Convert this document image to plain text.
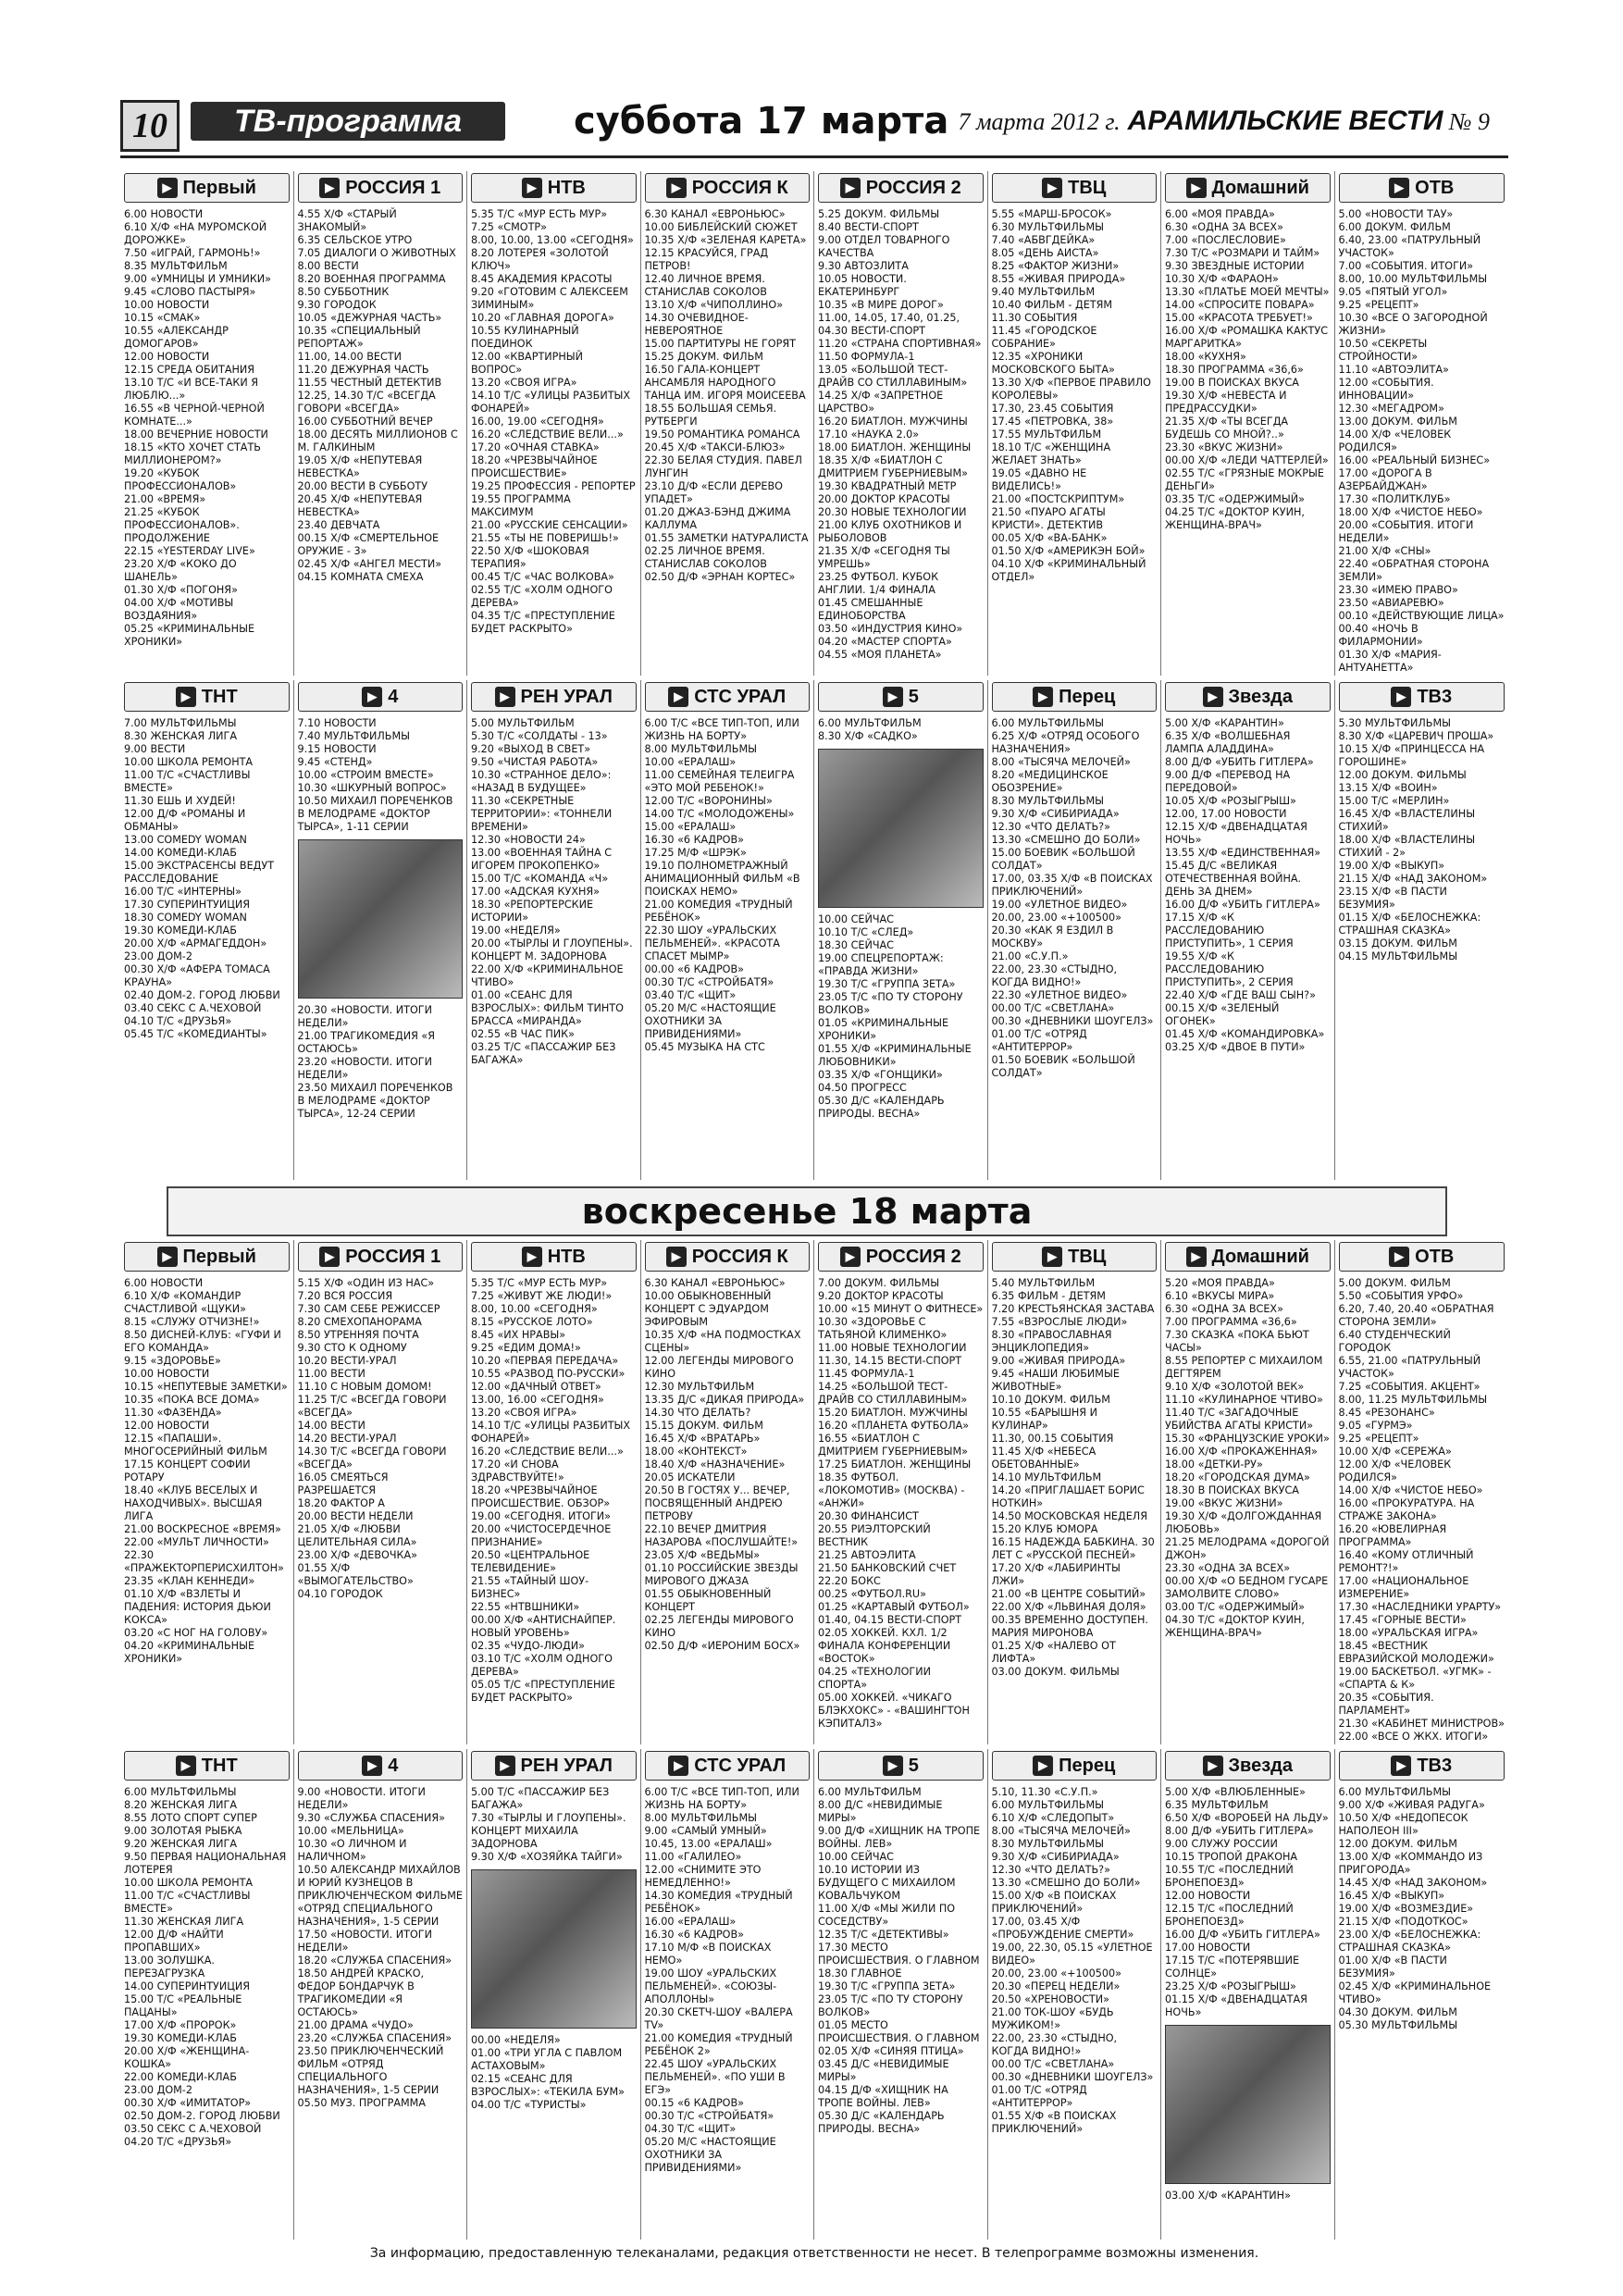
10	ТВ-программа	суббота 17 марта 7 марта 2012 г. АРАМИЛЬСКИЕ ВЕСТИ № 9
▶ Первый
6.00 НОВОСТИ
6.10 Х/Ф «НА МУРОМСКОЙ ДОРОЖКЕ»
7.50 «ИГРАЙ, ГАРМОНЬ!»
8.35 МУЛЬТФИЛЬМ
9.00 «УМНИЦЫ И УМНИКИ»
9.45 «СЛОВО ПАСТЫРЯ»
10.00 НОВОСТИ
10.15 «СМАК»
10.55 «АЛЕКСАНДР ДОМОГАРОВ»
12.00 НОВОСТИ
12.15 СРЕДА ОБИТАНИЯ
13.10 Т/С «И ВСЕ-ТАКИ Я ЛЮБЛЮ...»
16.55 «В ЧЕРНОЙ-ЧЕРНОЙ КОМНАТЕ...»
18.00 ВЕЧЕРНИЕ НОВОСТИ
18.15 «КТО ХОЧЕТ СТАТЬ МИЛЛИОНЕРОМ?»
19.20 «КУБОК ПРОФЕССИОНАЛОВ»
21.00 «ВРЕМЯ»
21.25 «КУБОК ПРОФЕССИОНАЛОВ». ПРОДОЛЖЕНИЕ
22.15 «YESTERDAY LIVE»
23.20 Х/Ф «КОКО ДО ШАНЕЛЬ»
01.30 Х/Ф «ПОГОНЯ»
04.00 Х/Ф «МОТИВЫ ВОЗДАЯНИЯ»
05.25 «КРИМИНАЛЬНЫЕ ХРОНИКИ»
▶ РОССИЯ 1
4.55 Х/Ф «СТАРЫЙ ЗНАКОМЫЙ»
6.35 СЕЛЬСКОЕ УТРО
7.05 ДИАЛОГИ О ЖИВОТНЫХ
8.00 ВЕСТИ
8.20 ВОЕННАЯ ПРОГРАММА
8.50 СУББОТНИК
9.30 ГОРОДОК
10.05 «ДЕЖУРНАЯ ЧАСТЬ»
10.35 «СПЕЦИАЛЬНЫЙ РЕПОРТАЖ»
11.00, 14.00 ВЕСТИ
11.20 ДЕЖУРНАЯ ЧАСТЬ
11.55 ЧЕСТНЫЙ ДЕТЕКТИВ
12.25, 14.30 Т/С «ВСЕГДА ГОВОРИ «ВСЕГДА»
16.00 СУББОТНИЙ ВЕЧЕР
18.00 ДЕСЯТЬ МИЛЛИОНОВ С М. ГАЛКИНЫМ
19.05 Х/Ф «НЕПУТЕВАЯ НЕВЕСТКА»
20.00 ВЕСТИ В СУББОТУ
20.45 Х/Ф «НЕПУТЕВАЯ НЕВЕСТКА»
23.40 ДЕВЧАТА
00.15 Х/Ф «СМЕРТЕЛЬНОЕ ОРУЖИЕ - 3»
02.45 Х/Ф «АНГЕЛ МЕСТИ»
04.15 КОМНАТА СМЕХА
▶ НТВ
5.35 Т/С «МУР ЕСТЬ МУР»
7.25 «СМОТР»
8.00, 10.00, 13.00 «СЕГОДНЯ»
8.20 ЛОТЕРЕЯ «ЗОЛОТОЙ КЛЮЧ»
8.45 АКАДЕМИЯ КРАСОТЫ
9.20 «ГОТОВИМ С АЛЕКСЕЕМ ЗИМИНЫМ»
10.20 «ГЛАВНАЯ ДОРОГА»
10.55 КУЛИНАРНЫЙ ПОЕДИНОК
12.00 «КВАРТИРНЫЙ ВОПРОС»
13.20 «СВОЯ ИГРА»
14.10 Т/С «УЛИЦЫ РАЗБИТЫХ ФОНАРЕЙ»
16.00, 19.00 «СЕГОДНЯ»
16.20 «СЛЕДСТВИЕ ВЕЛИ...»
17.20 «ОЧНАЯ СТАВКА»
18.20 «ЧРЕЗВЫЧАЙНОЕ ПРОИСШЕСТВИЕ»
19.25 ПРОФЕССИЯ - РЕПОРТЕР
19.55 ПРОГРАММА МАКСИМУМ
21.00 «РУССКИЕ СЕНСАЦИИ»
21.55 «ТЫ НЕ ПОВЕРИШЬ!»
22.50 Х/Ф «ШОКОВАЯ ТЕРАПИЯ»
00.45 Т/С «ЧАС ВОЛКОВА»
02.55 Т/С «ХОЛМ ОДНОГО ДЕРЕВА»
04.35 Т/С «ПРЕСТУПЛЕНИЕ БУДЕТ РАСКРЫТО»
▶ РОССИЯ К
6.30 КАНАЛ «ЕВРОНЬЮС»
10.00 БИБЛЕЙСКИЙ СЮЖЕТ
10.35 Х/Ф «ЗЕЛЕНАЯ КАРЕТА»
12.15 КРАСУЙСЯ, ГРАД ПЕТРОВ!
12.40 ЛИЧНОЕ ВРЕМЯ. СТАНИСЛАВ СОКОЛОВ
13.10 Х/Ф «ЧИПОЛЛИНО»
14.30 ОЧЕВИДНОЕ-НЕВЕРОЯТНОЕ
15.00 ПАРТИТУРЫ НЕ ГОРЯТ
15.25 ДОКУМ. ФИЛЬМ
16.50 ГАЛА-КОНЦЕРТ АНСАМБЛЯ НАРОДНОГО ТАНЦА ИМ. ИГОРЯ МОИСЕЕВА
18.55 БОЛЬШАЯ СЕМЬЯ. РУТБЕРГИ
19.50 РОМАНТИКА РОМАНСА
20.45 Х/Ф «ТАКСИ-БЛЮЗ»
22.30 БЕЛАЯ СТУДИЯ. ПАВЕЛ ЛУНГИН
23.10 Д/Ф «ЕСЛИ ДЕРЕВО УПАДЕТ»
01.20 ДЖАЗ-БЭНД ДЖИМА КАЛЛУМА
01.55 ЗАМЕТКИ НАТУРАЛИСТА
02.25 ЛИЧНОЕ ВРЕМЯ. СТАНИСЛАВ СОКОЛОВ
02.50 Д/Ф «ЭРНАН КОРТЕС»
▶ РОССИЯ 2
5.25 ДОКУМ. ФИЛЬМЫ
8.40 ВЕСТИ-СПОРТ
9.00 ОТДЕЛ ТОВАРНОГО КАЧЕСТВА
9.30 АВТОЗЛИТА
10.05 НОВОСТИ. ЕКАТЕРИНБУРГ
10.35 «В МИРЕ ДОРОГ»
11.00, 14.05, 17.40, 01.25, 04.30 ВЕСТИ-СПОРТ
11.20 «СТРАНА СПОРТИВНАЯ»
11.50 ФОРМУЛА-1
13.05 «БОЛЬШОЙ ТЕСТ-ДРАЙВ СО СТИЛЛАВИНЫМ»
14.25 Х/Ф «ЗАПРЕТНОЕ ЦАРСТВО»
16.20 БИАТЛОН. МУЖЧИНЫ
17.10 «НАУКА 2.0»
18.00 БИАТЛОН. ЖЕНЩИНЫ
18.35 Х/Ф «БИАТЛОН С ДМИТРИЕМ ГУБЕРНИЕВЫМ»
19.30 КВАДРАТНЫЙ МЕТР
20.00 ДОКТОР КРАСОТЫ
20.30 НОВЫЕ ТЕХНОЛОГИИ
21.00 КЛУБ ОХОТНИКОВ И РЫБОЛОВОВ
21.35 Х/Ф «СЕГОДНЯ ТЫ УМРЕШЬ»
23.25 ФУТБОЛ. КУБОК АНГЛИИ. 1/4 ФИНАЛА
01.45 СМЕШАННЫЕ ЕДИНОБОРСТВА
03.50 «ИНДУСТРИЯ КИНО»
04.20 «МАСТЕР СПОРТА»
04.55 «МОЯ ПЛАНЕТА»
▶ ТВЦ
5.55 «МАРШ-БРОСОК»
6.30 МУЛЬТФИЛЬМЫ
7.40 «АБВГДЕЙКА»
8.05 «ДЕНЬ АИСТА»
8.25 «ФАКТОР ЖИЗНИ»
8.55 «ЖИВАЯ ПРИРОДА»
9.40 МУЛЬТФИЛЬМ
10.40 ФИЛЬМ - ДЕТЯМ
11.30 СОБЫТИЯ
11.45 «ГОРОДСКОЕ СОБРАНИЕ»
12.35 «ХРОНИКИ МОСКОВСКОГО БЫТА»
13.30 Х/Ф «ПЕРВОЕ ПРАВИЛО КОРОЛЕВЫ»
17.30, 23.45 СОБЫТИЯ
17.45 «ПЕТРОВКА, 38»
17.55 МУЛЬТФИЛЬМ
18.10 Т/С «ЖЕНЩИНА ЖЕЛАЕТ ЗНАТЬ»
19.05 «ДАВНО НЕ ВИДЕЛИСЬ!»
21.00 «ПОСТСКРИПТУМ»
21.50 «ПУАРО АГАТЫ КРИСТИ». ДЕТЕКТИВ
00.05 Х/Ф «ВА-БАНК»
01.50 Х/Ф «АМЕРИКЭН БОЙ»
04.10 Х/Ф «КРИМИНАЛЬНЫЙ ОТДЕЛ»
▶ Домашний
6.00 «МОЯ ПРАВДА»
6.30 «ОДНА ЗА ВСЕХ»
7.00 «ПОСЛЕСЛОВИЕ»
7.30 Т/С «РОЗМАРИ И ТАЙМ»
9.30 ЗВЕЗДНЫЕ ИСТОРИИ
10.30 Х/Ф «ФАРАОН»
13.30 «ПЛАТЬЕ МОЕЙ МЕЧТЫ»
14.00 «СПРОСИТЕ ПОВАРА»
15.00 «КРАСОТА ТРЕБУЕТ!»
16.00 Х/Ф «РОМАШКА КАКТУС МАРГАРИТКА»
18.00 «КУХНЯ»
18.30 ПРОГРАММА «36,6»
19.00 В ПОИСКАХ ВКУСА
19.30 Х/Ф «НЕВЕСТА И ПРЕДРАССУДКИ»
21.35 Х/Ф «ТЫ ВСЕГДА БУДЕШЬ СО МНОЙ?..»
23.30 «ВКУС ЖИЗНИ»
00.00 Х/Ф «ЛЕДИ ЧАТТЕРЛЕЙ»
02.55 Т/С «ГРЯЗНЫЕ МОКРЫЕ ДЕНЬГИ»
03.35 Т/С «ОДЕРЖИМЫЙ»
04.25 Т/С «ДОКТОР КУИН, ЖЕНЩИНА-ВРАЧ»
▶ ОТВ
5.00 «НОВОСТИ ТАУ»
6.00 ДОКУМ. ФИЛЬМ
6.40, 23.00 «ПАТРУЛЬНЫЙ УЧАСТОК»
7.00 «СОБЫТИЯ. ИТОГИ»
8.00, 10.00 МУЛЬТФИЛЬМЫ
9.05 «ПЯТЫЙ УГОЛ»
9.25 «РЕЦЕПТ»
10.30 «ВСЕ О ЗАГОРОДНОЙ ЖИЗНИ»
10.50 «СЕКРЕТЫ СТРОЙНОСТИ»
11.10 «АВТОЭЛИТА»
12.00 «СОБЫТИЯ. ИННОВАЦИИ»
12.30 «МЕГАДРОМ»
13.00 ДОКУМ. ФИЛЬМ
14.00 Х/Ф «ЧЕЛОВЕК РОДИЛСЯ»
16.00 «РЕАЛЬНЫЙ БИЗНЕС»
17.00 «ДОРОГА В АЗЕРБАЙДЖАН»
17.30 «ПОЛИТКЛУБ»
18.00 Х/Ф «ЧИСТОЕ НЕБО»
20.00 «СОБЫТИЯ. ИТОГИ НЕДЕЛИ»
21.00 Х/Ф «СНЫ»
22.40 «ОБРАТНАЯ СТОРОНА ЗЕМЛИ»
23.30 «ИМЕЮ ПРАВО»
23.50 «АВИАРЕВЮ»
00.10 «ДЕЙСТВУЮЩИЕ ЛИЦА»
00.40 «НОЧЬ В ФИЛАРМОНИИ»
01.30 Х/Ф «МАРИЯ-АНТУАНЕТТА»
▶ ТНТ
7.00 МУЛЬТФИЛЬМЫ
8.30 ЖЕНСКАЯ ЛИГА
9.00 ВЕСТИ
10.00 ШКОЛА РЕМОНТА
11.00 Т/С «СЧАСТЛИВЫ ВМЕСТЕ»
11.30 ЕШЬ И ХУДЕЙ!
12.00 Д/Ф «РОМАНЫ И ОБМАНЫ»
13.00 COMEDY WOMAN
14.00 КОМЕДИ-КЛАБ
15.00 ЭКСТРАСЕНСЫ ВЕДУТ РАССЛЕДОВАНИЕ
16.00 Т/С «ИНТЕРНЫ»
17.30 СУПЕРИНТУИЦИЯ
18.30 COMEDY WOMAN
19.30 КОМЕДИ-КЛАБ
20.00 Х/Ф «АРМАГЕДДОН»
23.00 ДОМ-2
00.30 Х/Ф «АФЕРА ТОМАСА КРАУНА»
02.40 ДОМ-2. ГОРОД ЛЮБВИ
03.40 СЕКС С А.ЧЕХОВОЙ
04.10 Т/С «ДРУЗЬЯ»
05.45 Т/С «КОМЕДИАНТЫ»
▶ 4
7.10 НОВОСТИ
7.40 МУЛЬТФИЛЬМЫ
9.15 НОВОСТИ
9.45 «СТЕНД»
10.00 «СТРОИМ ВМЕСТЕ»
10.30 «ШКУРНЫЙ ВОПРОС»
10.50 МИХАИЛ ПОРЕЧЕНКОВ В МЕЛОДРАМЕ «ДОКТОР ТЫРСА», 1-11 СЕРИИ
20.30 «НОВОСТИ. ИТОГИ НЕДЕЛИ»
21.00 ТРАГИКОМЕДИЯ «Я ОСТАЮСЬ»
23.20 «НОВОСТИ. ИТОГИ НЕДЕЛИ»
23.50 МИХАИЛ ПОРЕЧЕНКОВ В МЕЛОДРАМЕ «ДОКТОР ТЫРСА», 12-24 СЕРИИ
▶ РЕН УРАЛ
5.00 МУЛЬТФИЛЬМ
5.30 Т/С «СОЛДАТЫ - 13»
9.20 «ВЫХОД В СВЕТ»
9.50 «ЧИСТАЯ РАБОТА»
10.30 «СТРАННОЕ ДЕЛО»: «НАЗАД В БУДУЩЕЕ»
11.30 «СЕКРЕТНЫЕ ТЕРРИТОРИИ»: «ТОННЕЛИ ВРЕМЕНИ»
12.30 «НОВОСТИ 24»
13.00 «ВОЕННАЯ ТАЙНА С ИГОРЕМ ПРОКОПЕНКО»
15.00 Т/С «КОМАНДА «Ч»
17.00 «АДСКАЯ КУХНЯ»
18.30 «РЕПОРТЕРСКИЕ ИСТОРИИ»
19.00 «НЕДЕЛЯ»
20.00 «ТЫРЛЫ И ГЛОУПЕНЫ». КОНЦЕРТ М. ЗАДОРНОВА
22.00 Х/Ф «КРИМИНАЛЬНОЕ ЧТИВО»
01.00 «СЕАНС ДЛЯ ВЗРОСЛЫХ»: ФИЛЬМ ТИНТО БРАССА «МИРАНДА»
02.55 «В ЧАС ПИК»
03.25 Т/С «ПАССАЖИР БЕЗ БАГАЖА»
▶ СТС УРАЛ
6.00 Т/С «ВСЕ ТИП-ТОП, ИЛИ ЖИЗНЬ НА БОРТУ»
8.00 МУЛЬТФИЛЬМЫ
10.00 «ЕРАЛАШ»
11.00 СЕМЕЙНАЯ ТЕЛЕИГРА «ЭТО МОЙ РЕБЕНОК!»
12.00 Т/С «ВОРОНИНЫ»
14.00 Т/С «МОЛОДОЖЕНЫ»
15.00 «ЕРАЛАШ»
16.30 «6 КАДРОВ»
17.25 М/Ф «ШРЭК»
19.10 ПОЛНОМЕТРАЖНЫЙ АНИМАЦИОННЫЙ ФИЛЬМ «В ПОИСКАХ НЕМО»
21.00 КОМЕДИЯ «ТРУДНЫЙ РЕБЁНОК»
22.30 ШОУ «УРАЛЬСКИХ ПЕЛЬМЕНЕЙ». «КРАСОТА СПАСЕТ МЫМР»
00.00 «6 КАДРОВ»
00.30 Т/С «СТРОЙБАТЯ»
03.40 Т/С «ЩИТ»
05.20 М/С «НАСТОЯЩИЕ ОХОТНИКИ ЗА ПРИВИДЕНИЯМИ»
05.45 МУЗЫКА НА СТС
▶ 5
6.00 МУЛЬТФИЛЬМ
8.30 Х/Ф «САДКО»
10.00 СЕЙЧАС
10.10 Т/С «СЛЕД»
18.30 СЕЙЧАС
19.00 СПЕЦРЕПОРТАЖ: «ПРАВДА ЖИЗНИ»
19.30 Т/С «ГРУППА ЗЕТА»
23.05 Т/С «ПО ТУ СТОРОНУ ВОЛКОВ»
01.05 «КРИМИНАЛЬНЫЕ ХРОНИКИ»
01.55 Х/Ф «КРИМИНАЛЬНЫЕ ЛЮБОВНИКИ»
03.35 Х/Ф «ГОНЩИКИ»
04.50 ПРОГРЕСС
05.30 Д/С «КАЛЕНДАРЬ ПРИРОДЫ. ВЕСНА»
▶ Перец
6.00 МУЛЬТФИЛЬМЫ
6.25 Х/Ф «ОТРЯД ОСОБОГО НАЗНАЧЕНИЯ»
8.00 «ТЫСЯЧА МЕЛОЧЕЙ»
8.20 «МЕДИЦИНСКОЕ ОБОЗРЕНИЕ»
8.30 МУЛЬТФИЛЬМЫ
9.30 Х/Ф «СИБИРИАДА»
12.30 «ЧТО ДЕЛАТЬ?»
13.30 «СМЕШНО ДО БОЛИ»
15.00 БОЕВИК «БОЛЬШОЙ СОЛДАТ»
17.00, 03.35 Х/Ф «В ПОИСКАХ ПРИКЛЮЧЕНИЙ»
19.00 «УЛЕТНОЕ ВИДЕО»
20.00, 23.00 «+100500»
20.30 «КАК Я ЕЗДИЛ В МОСКВУ»
21.00 «С.У.П.»
22.00, 23.30 «СТЫДНО, КОГДА ВИДНО!»
22.30 «УЛЕТНОЕ ВИДЕО»
00.00 Т/С «СВЕТЛАНА»
00.30 «ДНЕВНИКИ ШОУГЕЛЗ»
01.00 Т/С «ОТРЯД «АНТИТЕРРОР»
01.50 БОЕВИК «БОЛЬШОЙ СОЛДАТ»
▶ Звезда
5.00 Х/Ф «КАРАНТИН»
6.35 Х/Ф «ВОЛШЕБНАЯ ЛАМПА АЛАДДИНА»
8.00 Д/Ф «УБИТЬ ГИТЛЕРА»
9.00 Д/Ф «ПЕРЕВОД НА ПЕРЕДОВОЙ»
10.05 Х/Ф «РОЗЫГРЫШ»
12.00, 17.00 НОВОСТИ
12.15 Х/Ф «ДВЕНАДЦАТАЯ НОЧЬ»
13.55 Х/Ф «ЕДИНСТВЕННАЯ»
15.45 Д/С «ВЕЛИКАЯ ОТЕЧЕСТВЕННАЯ ВОЙНА. ДЕНЬ ЗА ДНЕМ»
16.00 Д/Ф «УБИТЬ ГИТЛЕРА»
17.15 Х/Ф «К РАССЛЕДОВАНИЮ ПРИСТУПИТЬ», 1 СЕРИЯ
19.55 Х/Ф «К РАССЛЕДОВАНИЮ ПРИСТУПИТЬ», 2 СЕРИЯ
22.40 Х/Ф «ГДЕ ВАШ СЫН?»
00.15 Х/Ф «ЗЕЛЕНЫЙ ОГОНЕК»
01.45 Х/Ф «КОМАНДИРОВКА»
03.25 Х/Ф «ДВОЕ В ПУТИ»
▶ ТВ3
5.30 МУЛЬТФИЛЬМЫ
8.30 Х/Ф «ЦАРЕВИЧ ПРОША»
10.15 Х/Ф «ПРИНЦЕССА НА ГОРОШИНЕ»
12.00 ДОКУМ. ФИЛЬМЫ
13.15 Х/Ф «ВОИН»
15.00 Т/С «МЕРЛИН»
16.45 Х/Ф «ВЛАСТЕЛИНЫ СТИХИЙ»
18.00 Х/Ф «ВЛАСТЕЛИНЫ СТИХИЙ - 2»
19.00 Х/Ф «ВЫКУП»
21.15 Х/Ф «НАД ЗАКОНОМ»
23.15 Х/Ф «В ПАСТИ БЕЗУМИЯ»
01.15 Х/Ф «БЕЛОСНЕЖКА: СТРАШНАЯ СКАЗКА»
03.15 ДОКУМ. ФИЛЬМ
04.15 МУЛЬТФИЛЬМЫ
воскресенье 18 марта
▶ Первый
6.00 НОВОСТИ
6.10 Х/Ф «КОМАНДИР СЧАСТЛИВОЙ «ЩУКИ»
8.15 «СЛУЖУ ОТЧИЗНЕ!»
8.50 ДИСНЕЙ-КЛУБ: «ГУФИ И ЕГО КОМАНДА»
9.15 «ЗДОРОВЬЕ»
10.00 НОВОСТИ
10.15 «НЕПУТЕВЫЕ ЗАМЕТКИ»
10.35 «ПОКА ВСЕ ДОМА»
11.30 «ФАЗЕНДА»
12.00 НОВОСТИ
12.15 «ПАПАШИ». МНОГОСЕРИЙНЫЙ ФИЛЬМ
17.15 КОНЦЕРТ СОФИИ РОТАРУ
18.40 «КЛУБ ВЕСЕЛЫХ И НАХОДЧИВЫХ». ВЫСШАЯ ЛИГА
21.00 ВОСКРЕСНОЕ «ВРЕМЯ»
22.00 «МУЛЬТ ЛИЧНОСТИ»
22.30 «ПРАЖЕКТОРПЕРИСХИЛТОН»
23.35 «КЛАН КЕННЕДИ»
01.10 Х/Ф «ВЗЛЕТЫ И ПАДЕНИЯ: ИСТОРИЯ ДЬЮИ КОКСА»
03.20 «С НОГ НА ГОЛОВУ»
04.20 «КРИМИНАЛЬНЫЕ ХРОНИКИ»
▶ РОССИЯ 1
5.15 Х/Ф «ОДИН ИЗ НАС»
7.20 ВСЯ РОССИЯ
7.30 САМ СЕБЕ РЕЖИССЕР
8.20 СМЕХОПАНОРАМА
8.50 УТРЕННЯЯ ПОЧТА
9.30 СТО К ОДНОМУ
10.20 ВЕСТИ-УРАЛ
11.00 ВЕСТИ
11.10 С НОВЫМ ДОМОМ!
11.25 Т/С «ВСЕГДА ГОВОРИ «ВСЕГДА»
14.00 ВЕСТИ
14.20 ВЕСТИ-УРАЛ
14.30 Т/С «ВСЕГДА ГОВОРИ «ВСЕГДА»
16.05 СМЕЯТЬСЯ РАЗРЕШАЕТСЯ
18.20 ФАКТОР А
20.00 ВЕСТИ НЕДЕЛИ
21.05 Х/Ф «ЛЮБВИ ЦЕЛИТЕЛЬНАЯ СИЛА»
23.00 Х/Ф «ДЕВОЧКА»
01.55 Х/Ф «ВЫМОГАТЕЛЬСТВО»
04.10 ГОРОДОК
▶ НТВ
5.35 Т/С «МУР ЕСТЬ МУР»
7.25 «ЖИВУТ ЖЕ ЛЮДИ!»
8.00, 10.00 «СЕГОДНЯ»
8.15 «РУССКОЕ ЛОТО»
8.45 «ИХ НРАВЫ»
9.25 «ЕДИМ ДОМА!»
10.20 «ПЕРВАЯ ПЕРЕДАЧА»
10.55 «РАЗВОД ПО-РУССКИ»
12.00 «ДАЧНЫЙ ОТВЕТ»
13.00, 16.00 «СЕГОДНЯ»
13.20 «СВОЯ ИГРА»
14.10 Т/С «УЛИЦЫ РАЗБИТЫХ ФОНАРЕЙ»
16.20 «СЛЕДСТВИЕ ВЕЛИ...»
17.20 «И СНОВА ЗДРАВСТВУЙТЕ!»
18.20 «ЧРЕЗВЫЧАЙНОЕ ПРОИСШЕСТВИЕ. ОБЗОР»
19.00 «СЕГОДНЯ. ИТОГИ»
20.00 «ЧИСТОСЕРДЕЧНОЕ ПРИЗНАНИЕ»
20.50 «ЦЕНТРАЛЬНОЕ ТЕЛЕВИДЕНИЕ»
21.55 «ТАЙНЫЙ ШОУ-БИЗНЕС»
22.55 «НТВШНИКИ»
00.00 Х/Ф «АНТИСНАЙПЕР. НОВЫЙ УРОВЕНЬ»
02.35 «ЧУДО-ЛЮДИ»
03.10 Т/С «ХОЛМ ОДНОГО ДЕРЕВА»
05.05 Т/С «ПРЕСТУПЛЕНИЕ БУДЕТ РАСКРЫТО»
▶ РОССИЯ К
6.30 КАНАЛ «ЕВРОНЬЮС»
10.00 ОБЫКНОВЕННЫЙ КОНЦЕРТ С ЭДУАРДОМ ЭФИРОВЫМ
10.35 Х/Ф «НА ПОДМОСТКАХ СЦЕНЫ»
12.00 ЛЕГЕНДЫ МИРОВОГО КИНО
12.30 МУЛЬТФИЛЬМ
13.35 Д/С «ДИКАЯ ПРИРОДА»
14.30 ЧТО ДЕЛАТЬ?
15.15 ДОКУМ. ФИЛЬМ
16.45 Х/Ф «ВРАТАРЬ»
18.00 «КОНТЕКСТ»
18.40 Х/Ф «НАЗНАЧЕНИЕ»
20.05 ИСКАТЕЛИ
20.50 В ГОСТЯХ У... ВЕЧЕР, ПОСВЯЩЕННЫЙ АНДРЕЮ ПЕТРОВУ
22.10 ВЕЧЕР ДМИТРИЯ НАЗАРОВА «ПОСЛУШАЙТЕ!»
23.05 Х/Ф «ВЕДЬМЫ»
01.10 РОССИЙСКИЕ ЗВЕЗДЫ МИРОВОГО ДЖАЗА
01.55 ОБЫКНОВЕННЫЙ КОНЦЕРТ
02.25 ЛЕГЕНДЫ МИРОВОГО КИНО
02.50 Д/Ф «ИЕРОНИМ БОСХ»
▶ РОССИЯ 2
7.00 ДОКУМ. ФИЛЬМЫ
9.20 ДОКТОР КРАСОТЫ
10.00 «15 МИНУТ О ФИТНЕСЕ»
10.30 «ЗДОРОВЬЕ С ТАТЬЯНОЙ КЛИМЕНКО»
11.00 НОВЫЕ ТЕХНОЛОГИИ
11.30, 14.15 ВЕСТИ-СПОРТ
11.45 ФОРМУЛА-1
14.25 «БОЛЬШОЙ ТЕСТ-ДРАЙВ СО СТИЛЛАВИНЫМ»
15.20 БИАТЛОН. МУЖЧИНЫ
16.20 «ПЛАНЕТА ФУТБОЛА»
16.55 «БИАТЛОН С ДМИТРИЕМ ГУБЕРНИЕВЫМ»
17.25 БИАТЛОН. ЖЕНЩИНЫ
18.35 ФУТБОЛ. «ЛОКОМОТИВ» (МОСКВА) - «АНЖИ»
20.30 ФИНАНСИСТ
20.55 РИЭЛТОРСКИЙ ВЕСТНИК
21.25 АВТОЭЛИТА
21.50 БАНКОВСКИЙ СЧЕТ
22.20 БОКС
00.25 «ФУТБОЛ.RU»
01.25 «КАРТАВЫЙ ФУТБОЛ»
01.40, 04.15 ВЕСТИ-СПОРТ
02.05 ХОККЕЙ. КХЛ. 1/2 ФИНАЛА КОНФЕРЕНЦИИ «ВОСТОК»
04.25 «ТЕХНОЛОГИИ СПОРТА»
05.00 ХОККЕЙ. «ЧИКАГО БЛЭКХОКС» - «ВАШИНГТОН КЭПИТАЛЗ»
▶ ТВЦ
5.40 МУЛЬТФИЛЬМ
6.35 ФИЛЬМ - ДЕТЯМ
7.20 КРЕСТЬЯНСКАЯ ЗАСТАВА
7.55 «ВЗРОСЛЫЕ ЛЮДИ»
8.30 «ПРАВОСЛАВНАЯ ЭНЦИКЛОПЕДИЯ»
9.00 «ЖИВАЯ ПРИРОДА»
9.45 «НАШИ ЛЮБИМЫЕ ЖИВОТНЫЕ»
10.10 ДОКУМ. ФИЛЬМ
10.55 «БАРЫШНЯ И КУЛИНАР»
11.30, 00.15 СОБЫТИЯ
11.45 Х/Ф «НЕБЕСА ОБЕТОВАННЫЕ»
14.10 МУЛЬТФИЛЬМ
14.20 «ПРИГЛАШАЕТ БОРИС НОТКИН»
14.50 МОСКОВСКАЯ НЕДЕЛЯ
15.20 КЛУБ ЮМОРА
16.15 НАДЕЖДА БАБКИНА. 30 ЛЕТ С «РУССКОЙ ПЕСНЕЙ»
17.20 Х/Ф «ЛАБИРИНТЫ ЛЖИ»
21.00 «В ЦЕНТРЕ СОБЫТИЙ»
22.00 Х/Ф «ЛЬВИНАЯ ДОЛЯ»
00.35 ВРЕМЕННО ДОСТУПЕН. МАРИЯ МИРОНОВА
01.25 Х/Ф «НАЛЕВО ОТ ЛИФТА»
03.00 ДОКУМ. ФИЛЬМЫ
▶ Домашний
5.20 «МОЯ ПРАВДА»
6.10 «ВКУСЫ МИРА»
6.30 «ОДНА ЗА ВСЕХ»
7.00 ПРОГРАММА «36,6»
7.30 СКАЗКА «ПОКА БЬЮТ ЧАСЫ»
8.55 РЕПОРТЕР С МИХАИЛОМ ДЕГТЯРЕМ
9.10 Х/Ф «ЗОЛОТОЙ ВЕК»
11.10 «КУЛИНАРНОЕ ЧТИВО»
11.40 Т/С «ЗАГАДОЧНЫЕ УБИЙСТВА АГАТЫ КРИСТИ»
15.30 «ФРАНЦУЗСКИЕ УРОКИ»
16.00 Х/Ф «ПРОКАЖЕННАЯ»
18.00 «ДЕТКИ-РУ»
18.20 «ГОРОДСКАЯ ДУМА»
18.30 В ПОИСКАХ ВКУСА
19.00 «ВКУС ЖИЗНИ»
19.30 Х/Ф «ДОЛГОЖДАННАЯ ЛЮБОВЬ»
21.25 МЕЛОДРАМА «ДОРОГОЙ ДЖОН»
23.30 «ОДНА ЗА ВСЕХ»
00.00 Х/Ф «О БЕДНОМ ГУСАРЕ ЗАМОЛВИТЕ СЛОВО»
03.00 Т/С «ОДЕРЖИМЫЙ»
04.30 Т/С «ДОКТОР КУИН, ЖЕНЩИНА-ВРАЧ»
▶ ОТВ
5.00 ДОКУМ. ФИЛЬМ
5.50 «СОБЫТИЯ УРФО»
6.20, 7.40, 20.40 «ОБРАТНАЯ СТОРОНА ЗЕМЛИ»
6.40 СТУДЕНЧЕСКИЙ ГОРОДОК
6.55, 21.00 «ПАТРУЛЬНЫЙ УЧАСТОК»
7.25 «СОБЫТИЯ. АКЦЕНТ»
8.00, 11.25 МУЛЬТФИЛЬМЫ
8.45 «РЕЗОНАНС»
9.05 «ГУРМЭ»
9.25 «РЕЦЕПТ»
10.00 Х/Ф «СЕРЕЖА»
12.00 Х/Ф «ЧЕЛОВЕК РОДИЛСЯ»
14.00 Х/Ф «ЧИСТОЕ НЕБО»
16.00 «ПРОКУРАТУРА. НА СТРАЖЕ ЗАКОНА»
16.20 «ЮВЕЛИРНАЯ ПРОГРАММА»
16.40 «КОМУ ОТЛИЧНЫЙ РЕМОНТ?!»
17.00 «НАЦИОНАЛЬНОЕ ИЗМЕРЕНИЕ»
17.30 «НАСЛЕДНИКИ УРАРТУ»
17.45 «ГОРНЫЕ ВЕСТИ»
18.00 «УРАЛЬСКАЯ ИГРА»
18.45 «ВЕСТНИК ЕВРАЗИЙСКОЙ МОЛОДЕЖИ»
19.00 БАСКЕТБОЛ. «УГМК» - «СПАРТА & К»
20.35 «СОБЫТИЯ. ПАРЛАМЕНТ»
21.30 «КАБИНЕТ МИНИСТРОВ»
22.00 «ВСЕ О ЖКХ. ИТОГИ»

▶ ТНТ
6.00 МУЛЬТФИЛЬМЫ
8.20 ЖЕНСКАЯ ЛИГА
8.55 ЛОТО СПОРТ СУПЕР
9.00 ЗОЛОТАЯ РЫБКА
9.20 ЖЕНСКАЯ ЛИГА
9.50 ПЕРВАЯ НАЦИОНАЛЬНАЯ ЛОТЕРЕЯ
10.00 ШКОЛА РЕМОНТА
11.00 Т/С «СЧАСТЛИВЫ ВМЕСТЕ»
11.30 ЖЕНСКАЯ ЛИГА
12.00 Д/Ф «НАЙТИ ПРОПАВШИХ»
13.00 ЗОЛУШКА. ПЕРЕЗАГРУЗКА
14.00 СУПЕРИНТУИЦИЯ
15.00 Т/С «РЕАЛЬНЫЕ ПАЦАНЫ»
17.00 Х/Ф «ПРОРОК»
19.30 КОМЕДИ-КЛАБ
20.00 Х/Ф «ЖЕНЩИНА-КОШКА»
22.00 КОМЕДИ-КЛАБ
23.00 ДОМ-2
00.30 Х/Ф «ИМИТАТОР»
02.50 ДОМ-2. ГОРОД ЛЮБВИ
03.50 СЕКС С А.ЧЕХОВОЙ
04.20 Т/С «ДРУЗЬЯ»
▶ 4
9.00 «НОВОСТИ. ИТОГИ НЕДЕЛИ»
9.30 «СЛУЖБА СПАСЕНИЯ»
10.00 «МЕЛЬНИЦА»
10.30 «О ЛИЧНОМ И НАЛИЧНОМ»
10.50 АЛЕКСАНДР МИХАЙЛОВ И ЮРИЙ КУЗНЕЦОВ В ПРИКЛЮЧЕНЧЕСКОМ ФИЛЬМЕ «ОТРЯД СПЕЦИАЛЬНОГО НАЗНАЧЕНИЯ», 1-5 СЕРИИ
17.50 «НОВОСТИ. ИТОГИ НЕДЕЛИ»
18.20 «СЛУЖБА СПАСЕНИЯ»
18.50 АНДРЕЙ КРАСКО, ФЕДОР БОНДАРЧУК В ТРАГИКОМЕДИИ «Я ОСТАЮСЬ»
21.00 ДРАМА «ЧУДО»
23.20 «СЛУЖБА СПАСЕНИЯ»
23.50 ПРИКЛЮЧЕНЧЕСКИЙ ФИЛЬМ «ОТРЯД СПЕЦИАЛЬНОГО НАЗНАЧЕНИЯ», 1-5 СЕРИИ
05.50 МУЗ. ПРОГРАММА
▶ РЕН УРАЛ
5.00 Т/С «ПАССАЖИР БЕЗ БАГАЖА»
7.30 «ТЫРЛЫ И ГЛОУПЕНЫ». КОНЦЕРТ МИХАИЛА ЗАДОРНОВА
9.30 Х/Ф «ХОЗЯЙКА ТАЙГИ»
00.00 «НЕДЕЛЯ»
01.00 «ТРИ УГЛА С ПАВЛОМ АСТАХОВЫМ»
02.15 «СЕАНС ДЛЯ ВЗРОСЛЫХ»: «ТЕКИЛА БУМ»
04.00 Т/С «ТУРИСТЫ»
▶ СТС УРАЛ
6.00 Т/С «ВСЕ ТИП-ТОП, ИЛИ ЖИЗНЬ НА БОРТУ»
8.00 МУЛЬТФИЛЬМЫ
9.00 «САМЫЙ УМНЫЙ»
10.45, 13.00 «ЕРАЛАШ»
11.00 «ГАЛИЛЕО»
12.00 «СНИМИТЕ ЭТО НЕМЕДЛЕННО!»
14.30 КОМЕДИЯ «ТРУДНЫЙ РЕБЁНОК»
16.00 «ЕРАЛАШ»
16.30 «6 КАДРОВ»
17.10 М/Ф «В ПОИСКАХ НЕМО»
19.00 ШОУ «УРАЛЬСКИХ ПЕЛЬМЕНЕЙ». «СОЮЗЫ-АПОЛЛОНЫ»
20.30 СКЕТЧ-ШОУ «ВАЛЕРА TV»
21.00 КОМЕДИЯ «ТРУДНЫЙ РЕБЁНОК 2»
22.45 ШОУ «УРАЛЬСКИХ ПЕЛЬМЕНЕЙ». «ПО УШИ В ЕГЭ»
00.15 «6 КАДРОВ»
00.30 Т/С «СТРОЙБАТЯ»
04.30 Т/С «ЩИТ»
05.20 М/С «НАСТОЯЩИЕ ОХОТНИКИ ЗА ПРИВИДЕНИЯМИ»
▶ 5
6.00 МУЛЬТФИЛЬМ
8.00 Д/С «НЕВИДИМЫЕ МИРЫ»
9.00 Д/Ф «ХИЩНИК НА ТРОПЕ ВОЙНЫ. ЛЕВ»
10.00 СЕЙЧАС
10.10 ИСТОРИИ ИЗ БУДУЩЕГО С МИХАИЛОМ КОВАЛЬЧУКОМ
11.00 Х/Ф «МЫ ЖИЛИ ПО СОСЕДСТВУ»
12.35 Т/С «ДЕТЕКТИВЫ»
17.30 МЕСТО ПРОИСШЕСТВИЯ. О ГЛАВНОМ
18.30 ГЛАВНОЕ
19.30 Т/С «ГРУППА ЗЕТА»
23.05 Т/С «ПО ТУ СТОРОНУ ВОЛКОВ»
01.05 МЕСТО ПРОИСШЕСТВИЯ. О ГЛАВНОМ
02.05 Х/Ф «СИНЯЯ ПТИЦА»
03.45 Д/С «НЕВИДИМЫЕ МИРЫ»
04.15 Д/Ф «ХИЩНИК НА ТРОПЕ ВОЙНЫ. ЛЕВ»
05.30 Д/С «КАЛЕНДАРЬ ПРИРОДЫ. ВЕСНА»
▶ Перец
5.10, 11.30 «С.У.П.»
6.00 МУЛЬТФИЛЬМЫ
6.10 Х/Ф «СЛЕДОПЫТ»
8.00 «ТЫСЯЧА МЕЛОЧЕЙ»
8.30 МУЛЬТФИЛЬМЫ
9.30 Х/Ф «СИБИРИАДА»
12.30 «ЧТО ДЕЛАТЬ?»
13.30 «СМЕШНО ДО БОЛИ»
15.00 Х/Ф «В ПОИСКАХ ПРИКЛЮЧЕНИЙ»
17.00, 03.45 Х/Ф «ПРОБУЖДЕНИЕ СМЕРТИ»
19.00, 22.30, 05.15 «УЛЕТНОЕ ВИДЕО»
20.00, 23.00 «+100500»
20.30 «ПЕРЕЦ НЕДЕЛИ»
20.50 «ХРЕНОВОСТИ»
21.00 ТОК-ШОУ «БУДЬ МУЖИКОМ!»
22.00, 23.30 «СТЫДНО, КОГДА ВИДНО!»
00.00 Т/С «СВЕТЛАНА»
00.30 «ДНЕВНИКИ ШОУГЕЛЗ»
01.00 Т/С «ОТРЯД «АНТИТЕРРОР»
01.55 Х/Ф «В ПОИСКАХ ПРИКЛЮЧЕНИЙ»
▶ Звезда
5.00 Х/Ф «ВЛЮБЛЕННЫЕ»
6.35 МУЛЬТФИЛЬМ
6.50 Х/Ф «ВОРОБЕЙ НА ЛЬДУ»
8.00 Д/Ф «УБИТЬ ГИТЛЕРА»
9.00 СЛУЖУ РОССИИ
10.15 ТРОПОЙ ДРАКОНА
10.55 Т/С «ПОСЛЕДНИЙ БРОНЕПОЕЗД»
12.00 НОВОСТИ
12.15 Т/С «ПОСЛЕДНИЙ БРОНЕПОЕЗД»
16.00 Д/Ф «УБИТЬ ГИТЛЕРА»
17.00 НОВОСТИ
17.15 Т/С «ПОТЕРЯВШИЕ СОЛНЦЕ»
23.25 Х/Ф «РОЗЫГРЫШ»
01.15 Х/Ф «ДВЕНАДЦАТАЯ НОЧЬ»
03.00 Х/Ф «КАРАНТИН»
▶ ТВ3
6.00 МУЛЬТФИЛЬМЫ
9.00 Х/Ф «ЖИВАЯ РАДУГА»
10.50 Х/Ф «НЕДОПЕСОК НАПОЛЕОН III»
12.00 ДОКУМ. ФИЛЬМ
13.00 Х/Ф «КОММАНДО ИЗ ПРИГОРОДА»
14.45 Х/Ф «НАД ЗАКОНОМ»
16.45 Х/Ф «ВЫКУП»
19.00 Х/Ф «ВОЗМЕЗДИЕ»
21.15 Х/Ф «ПОДОТКОС»
23.00 Х/Ф «БЕЛОСНЕЖКА: СТРАШНАЯ СКАЗКА»
01.00 Х/Ф «В ПАСТИ БЕЗУМИЯ»
02.45 Х/Ф «КРИМИНАЛЬНОЕ ЧТИВО»
04.30 ДОКУМ. ФИЛЬМ
05.30 МУЛЬТФИЛЬМЫ
За информацию, предоставленную телеканалами, редакция ответственности не несет. В телепрограмме возможны изменения.
